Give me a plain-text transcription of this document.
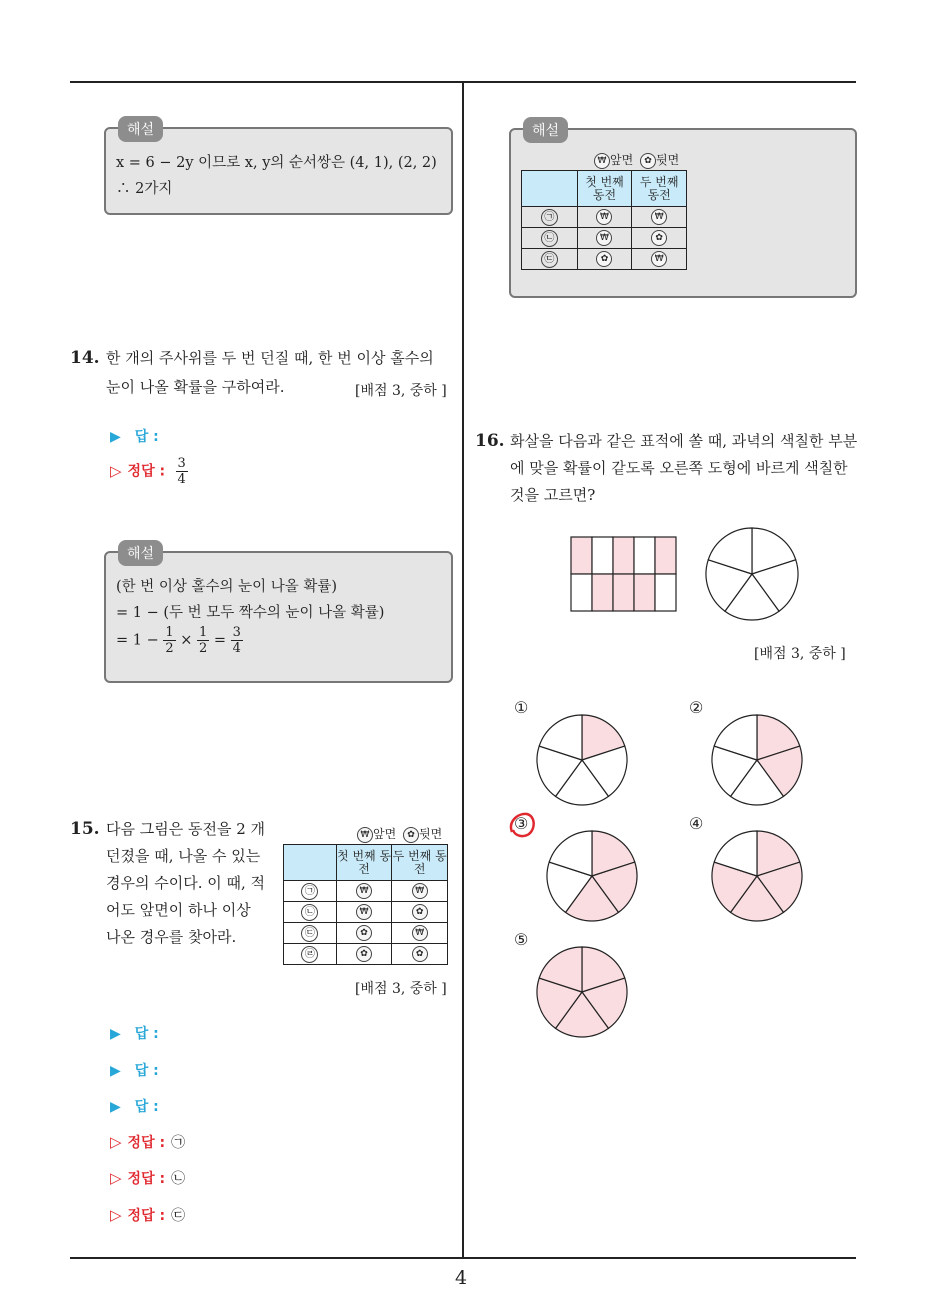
4
해설
x = 6 − 2y 이므로 x, y의 순서쌍은 (4, 1), (2, 2)
∴ 2가지
14. 한 개의 주사위를 두 번 던질 때, 한 번 이상 홀수의
눈이 나올 확률을 구하여라.	[배점 3, 중하 ]
▶ 답 :
▷ 정답 : $\frac{3}{4}$
해설
(한 번 이상 홀수의 눈이 나올 확률)
= 1 − (두 번 모두 짝수의 눈이 나올 확률)
= $1 - \frac{1}{2} \times \frac{1}{2} = \frac{3}{4}$
15. 다음 그림은 동전을 2 개
던졌을 때, 나올 수 있는
경우의 수이다. 이 때, 적
어도 앞면이 하나 이상
나온 경우를 찾아라.
₩ 앞면 ✿ 뒷면
	첫 번째 동전	두 번째 동전
㉠	₩	₩
㉡	₩	✿
㉢	✿	₩
㉣	✿	✿
[배점 3, 중하 ]
▶ 답 :
▶ 답 :
▶ 답 :
▷ 정답 : ㉠
▷ 정답 : ㉡
▷ 정답 : ㉢
해설
₩ 앞면 ✿ 뒷면
	첫 번째 동전	두 번째 동전
㉠	₩	₩
㉡	₩	✿
㉢	✿	₩
16. 화살을 다음과 같은 표적에 쏠 때, 과녁의 색칠한 부분
에 맞을 확률이 같도록 오른쪽 도형에 바르게 색칠한
것을 고르면?
[배점 3, 중하 ]
①	②
③	④
⑤
